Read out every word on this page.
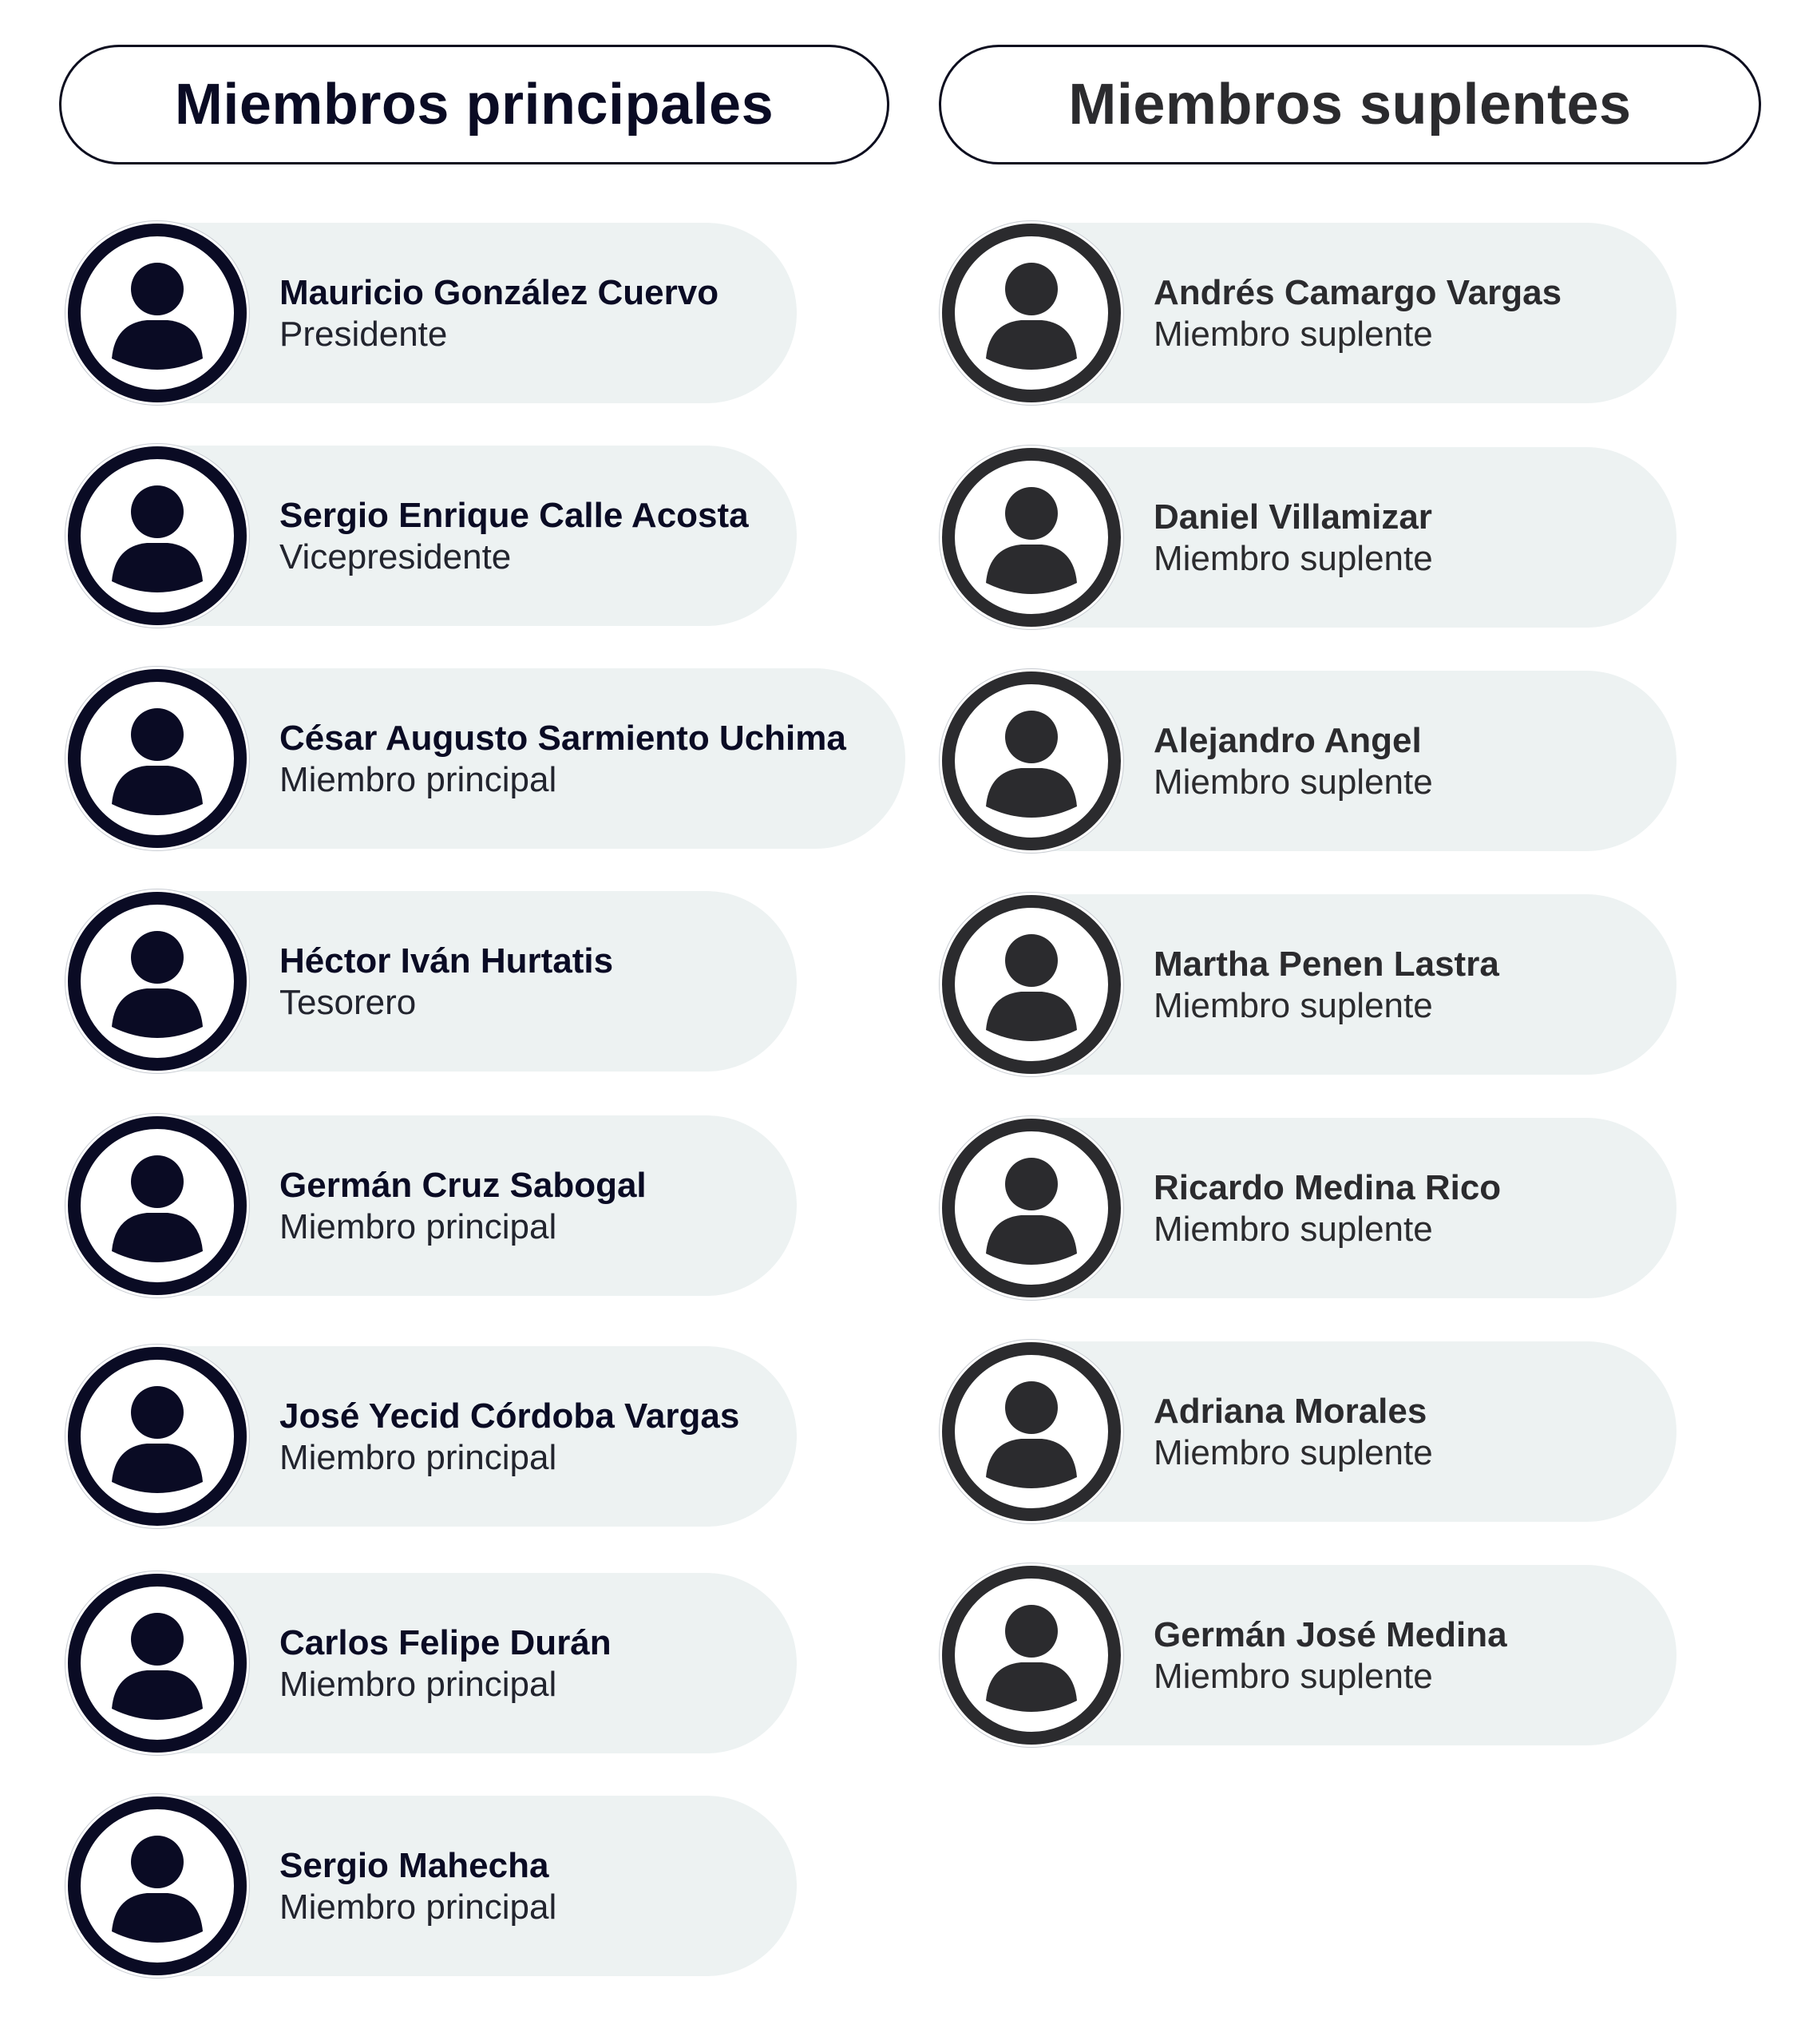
Miembros principales	Miembros suplentes
Mauricio González Cuervo
Presidente
Sergio Enrique Calle Acosta
Vicepresidente
César Augusto Sarmiento Uchima
Miembro principal
Héctor Iván Hurtatis
Tesorero
Germán Cruz Sabogal
Miembro principal
José Yecid Córdoba Vargas
Miembro principal
Carlos Felipe Durán
Miembro principal
Sergio Mahecha
Miembro principal
Andrés Camargo Vargas
Miembro suplente
Daniel Villamizar
Miembro suplente
Alejandro Angel
Miembro suplente
Martha Penen Lastra
Miembro suplente
Ricardo Medina Rico
Miembro suplente
Adriana Morales
Miembro suplente
Germán José Medina
Miembro suplente
